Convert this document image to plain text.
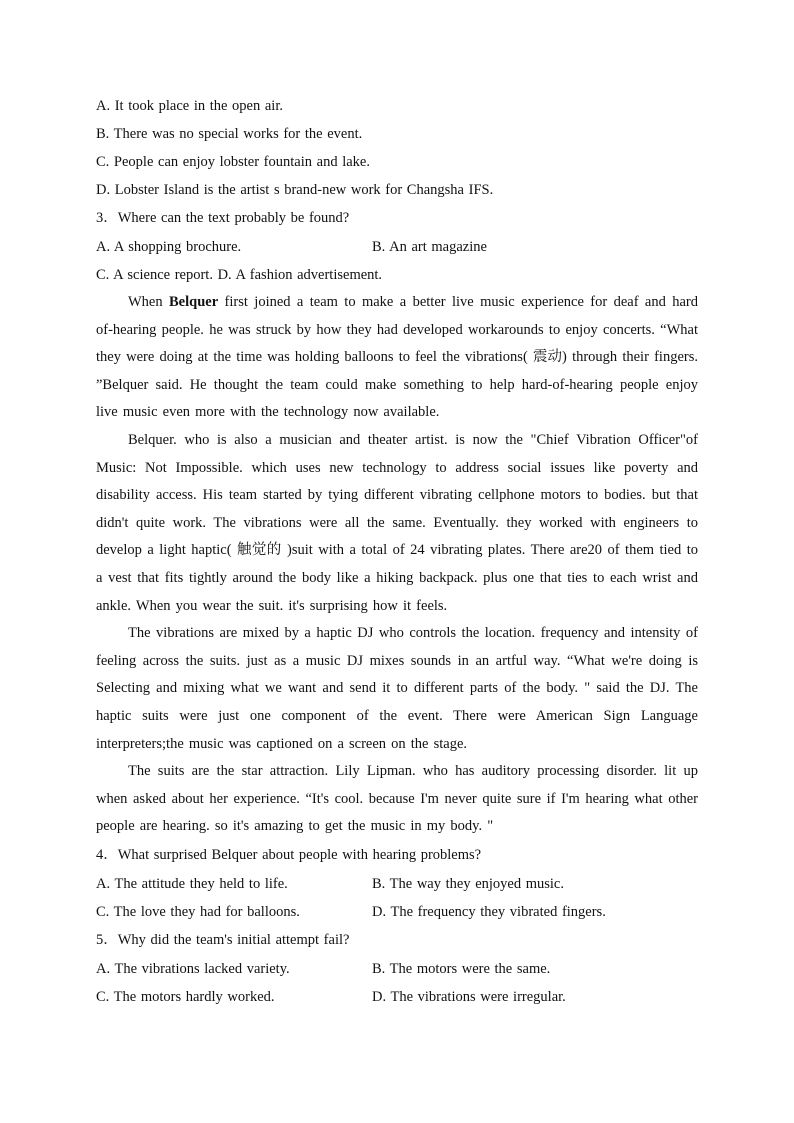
A. It took place in the open air.
B. There was no special works for the event.
C. People can enjoy lobster fountain and lake.
D. Lobster Island is the artist s brand-new work for Changsha IFS.
3．Where can the text probably be found?
A. A shopping brochure.	B. An art magazine
C. A science report. D. A fashion advertisement.

When Belquer first joined a team to make a better live music experience for deaf and hard of-hearing people. he was struck by how they had developed workarounds to enjoy concerts. “What they were doing at the time was holding balloons to feel the vibrations( 震动) through their fingers. ”Belquer said. He thought the team could make something to help hard-of-hearing people enjoy live music even more with the technology now available.

Belquer. who is also a musician and theater artist. is now the "Chief Vibration Officer"of Music: Not Impossible. which uses new technology to address social issues like poverty and disability access. His team started by tying different vibrating cellphone motors to bodies. but that didn't quite work. The vibrations were all the same. Eventually. they worked with engineers to develop a light haptic( 触觉的 )suit with a total of 24 vibrating plates. There are20 of them tied to a vest that fits tightly around the body like a hiking backpack. plus one that ties to each wrist and ankle. When you wear the suit. it's surprising how it feels.

The vibrations are mixed by a haptic DJ who controls the location. frequency and intensity of feeling across the suits. just as a music DJ mixes sounds in an artful way. “What we're doing is Selecting and mixing what we want and send it to different parts of the body. " said the DJ. The haptic suits were just one component of the event. There were American Sign Language interpreters;the music was captioned on a screen on the stage.

The suits are the star attraction. Lily Lipman. who has auditory processing disorder. lit up when asked about her experience. “It's cool. because I'm never quite sure if I'm hearing what other people are hearing. so it's amazing to get the music in my body. "

4．What surprised Belquer about people with hearing problems?
A. The attitude they held to life.	B. The way they enjoyed music.
C. The love they had for balloons.	D. The frequency they vibrated fingers.
5．Why did the team's initial attempt fail?
A. The vibrations lacked variety.	B. The motors were the same.
C. The motors hardly worked.	D. The vibrations were irregular.
